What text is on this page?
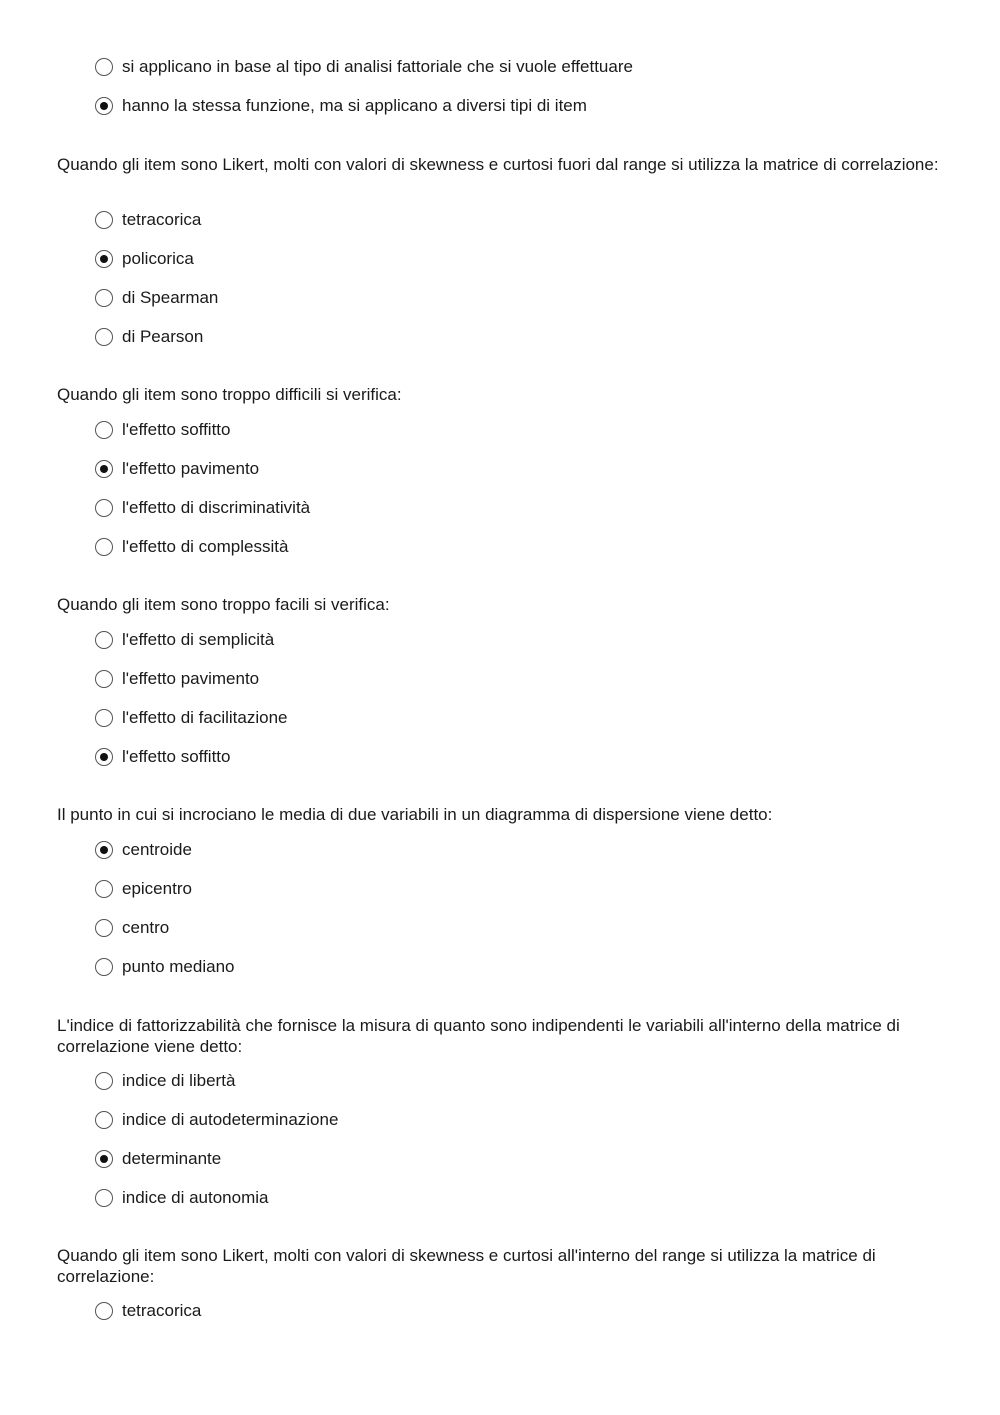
si applicano in base al tipo di analisi fattoriale che si vuole effettuare
hanno la stessa funzione, ma si applicano a diversi tipi di item
Quando gli item sono Likert, molti con valori di skewness e curtosi fuori dal range si utilizza la matrice di correlazione:
tetracorica
policorica
di Spearman
di Pearson
Quando gli item sono troppo difficili si verifica:
l'effetto soffitto
l'effetto pavimento
l'effetto di discriminatività
l'effetto di complessità
Quando gli item sono troppo facili si verifica:
l'effetto di semplicità
l'effetto pavimento
l'effetto di facilitazione
l'effetto soffitto
Il punto in cui si incrociano le media di due variabili in un diagramma di dispersione viene detto:
centroide
epicentro
centro
punto mediano
L'indice di fattorizzabilità che fornisce la misura di quanto sono indipendenti le variabili all'interno della matrice di correlazione viene detto:
indice di libertà
indice di autodeterminazione
determinante
indice di autonomia
Quando gli item sono Likert, molti con valori di skewness e curtosi all'interno del range si utilizza la matrice di correlazione:
tetracorica
